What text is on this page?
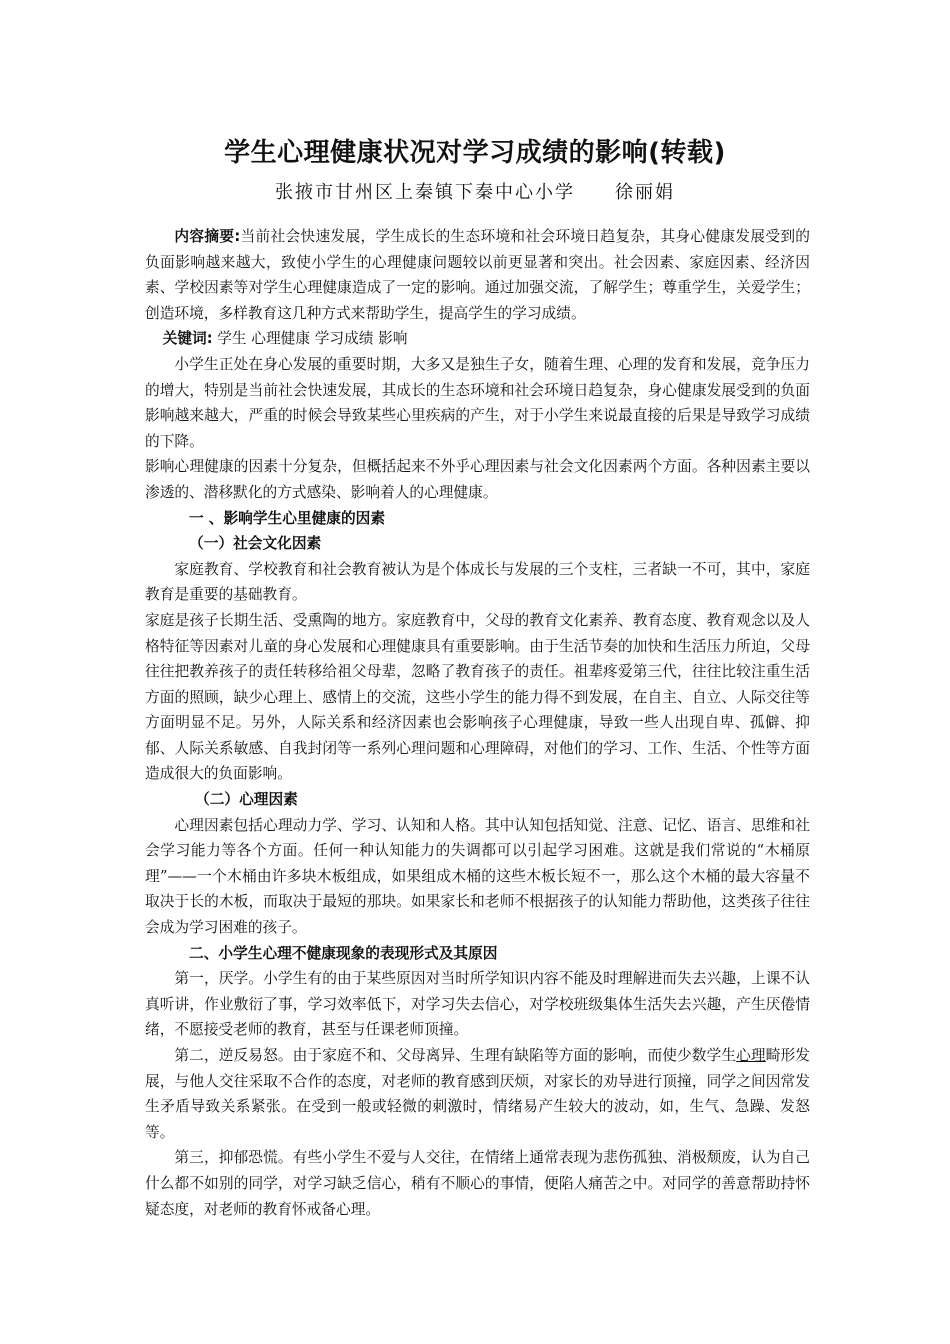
学生心理健康状况对学习成绩的影响(转载)
张掖市甘州区上秦镇下秦中心小学 徐丽娟

内容摘要:当前社会快速发展，学生成长的生态环境和社会环境日趋复杂，其身心健康发展受到的负面影响越来越大，致使小学生的心理健康问题较以前更显著和突出。社会因素、家庭因素、经济因素、学校因素等对学生心理健康造成了一定的影响。通过加强交流，了解学生；尊重学生，关爱学生；创造环境，多样教育这几种方式来帮助学生，提高学生的学习成绩。

关键词: 学生 心理健康 学习成绩 影响

小学生正处在身心发展的重要时期，大多又是独生子女，随着生理、心理的发育和发展，竞争压力的增大，特别是当前社会快速发展，其成长的生态环境和社会环境日趋复杂，身心健康发展受到的负面影响越来越大，严重的时候会导致某些心里疾病的产生，对于小学生来说最直接的后果是导致学习成绩的下降。

影响心理健康的因素十分复杂，但概括起来不外乎心理因素与社会文化因素两个方面。各种因素主要以渗透的、潜移默化的方式感染、影响着人的心理健康。

一 、影响学生心里健康的因素

（一）社会文化因素

家庭教育、学校教育和社会教育被认为是个体成长与发展的三个支柱，三者缺一不可，其中，家庭教育是重要的基础教育。

家庭是孩子长期生活、受熏陶的地方。家庭教育中，父母的教育文化素养、教育态度、教育观念以及人格特征等因素对儿童的身心发展和心理健康具有重要影响。由于生活节奏的加快和生活压力所迫，父母往往把教养孩子的责任转移给祖父母辈，忽略了教育孩子的责任。祖辈疼爱第三代，往往比较注重生活方面的照顾，缺少心理上、感情上的交流，这些小学生的能力得不到发展，在自主、自立、人际交往等方面明显不足。另外，人际关系和经济因素也会影响孩子心理健康，导致一些人出现自卑、孤僻、抑郁、人际关系敏感、自我封闭等一系列心理问题和心理障碍，对他们的学习、工作、生活、个性等方面造成很大的负面影响。

（二）心理因素

心理因素包括心理动力学、学习、认知和人格。其中认知包括知觉、注意、记忆、语言、思维和社会学习能力等各个方面。任何一种认知能力的失调都可以引起学习困难。这就是我们常说的“木桶原理”——一个木桶由许多块木板组成，如果组成木桶的这些木板长短不一，那么这个木桶的最大容量不取决于长的木板，而取决于最短的那块。如果家长和老师不根据孩子的认知能力帮助他，这类孩子往往会成为学习困难的孩子。

二、小学生心理不健康现象的表现形式及其原因

第一，厌学。小学生有的由于某些原因对当时所学知识内容不能及时理解进而失去兴趣，上课不认真听讲，作业敷衍了事，学习效率低下，对学习失去信心，对学校班级集体生活失去兴趣，产生厌倦情绪，不愿接受老师的教育，甚至与任课老师顶撞。

第二，逆反易怒。由于家庭不和、父母离异、生理有缺陷等方面的影响，而使少数学生心理畸形发展，与他人交往采取不合作的态度，对老师的教育感到厌烦，对家长的劝导进行顶撞，同学之间因常发生矛盾导致关系紧张。在受到一般或轻微的刺激时，情绪易产生较大的波动，如，生气、急躁、发怒等。

第三，抑郁恐慌。有些小学生不爱与人交往，在情绪上通常表现为悲伤孤独、消极颓废，认为自己什么都不如别的同学，对学习缺乏信心，稍有不顺心的事情，便陷人痛苦之中。对同学的善意帮助持怀疑态度，对老师的教育怀戒备心理。
